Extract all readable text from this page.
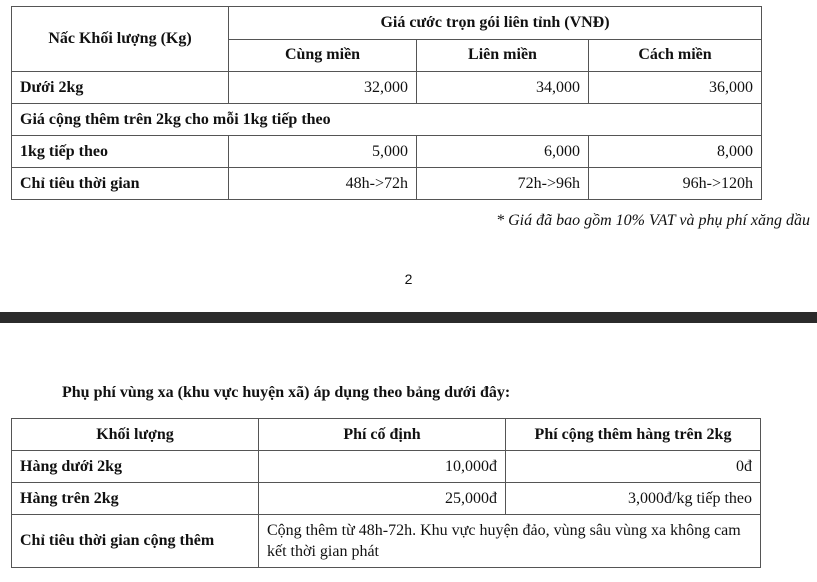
Nấc Khối lượng (Kg)	Giá cước trọn gói liên tỉnh (VNĐ)		
	Cùng miền	Liên miền	Cách miền
Dưới 2kg	32,000	34,000	36,000
Giá cộng thêm trên 2kg cho mỗi 1kg tiếp theo			
1kg tiếp theo	5,000	6,000	8,000
Chỉ tiêu thời gian	48h->72h	72h->96h	96h->120h
* Giá đã bao gồm 10% VAT và phụ phí xăng dầu
2
Phụ phí vùng xa (khu vực huyện xã) áp dụng theo bảng dưới đây:
Khối lượng	Phí cố định	Phí cộng thêm hàng trên 2kg
Hàng dưới 2kg	10,000đ	0đ
Hàng trên 2kg	25,000đ	3,000đ/kg tiếp theo
Chỉ tiêu thời gian cộng thêm	Cộng thêm từ 48h-72h. Khu vực huyện đảo, vùng sâu vùng xa không cam kết thời gian phát	
